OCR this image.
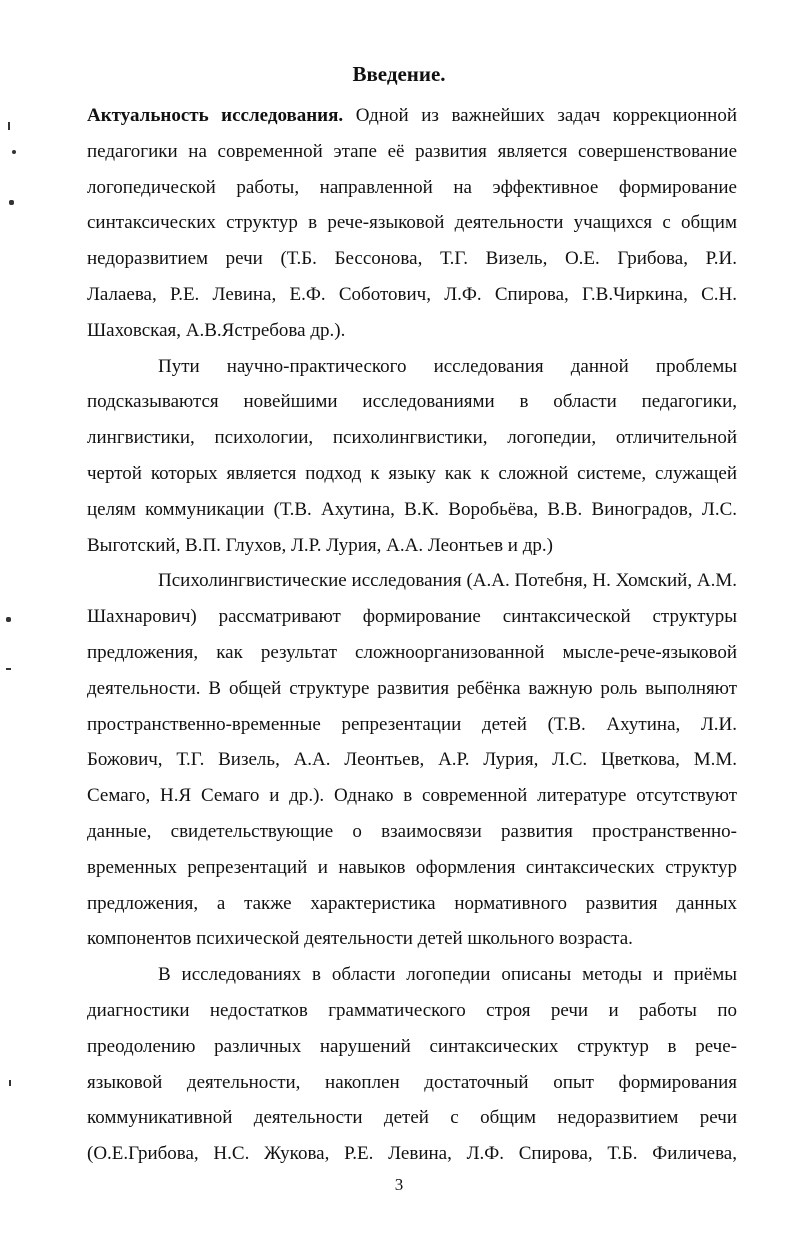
Введение.
Актуальность исследования. Одной из важнейших задач коррекционной
педагогики на современной этапе её развития является совершенствование
логопедической работы, направленной на эффективное формирование
синтаксических структур в рече-языковой деятельности учащихся с общим
недоразвитием речи (Т.Б. Бессонова, Т.Г. Визель, О.Е. Грибова, Р.И.
Лалаева, Р.Е. Левина, Е.Ф. Соботович, Л.Ф. Спирова, Г.В.Чиркина, С.Н.
Шаховская, А.В.Ястребова др.).
Пути научно-практического исследования данной проблемы
подсказываются новейшими исследованиями в области педагогики,
лингвистики, психологии, психолингвистики, логопедии, отличительной
чертой которых является подход к языку как к сложной системе, служащей
целям коммуникации (Т.В. Ахутина, В.К. Воробьёва, В.В. Виноградов, Л.С.
Выготский, В.П. Глухов, Л.Р. Лурия, А.А. Леонтьев и др.)
Психолингвистические исследования (А.А. Потебня, Н. Хомский, А.М.
Шахнарович) рассматривают формирование синтаксической структуры
предложения, как результат сложноорганизованной мысле-рече-языковой
деятельности. В общей структуре развития ребёнка важную роль выполняют
пространственно-временные репрезентации детей (Т.В. Ахутина, Л.И.
Божович, Т.Г. Визель, А.А. Леонтьев, А.Р. Лурия, Л.С. Цветкова, М.М.
Семаго, Н.Я Семаго и др.). Однако в современной литературе отсутствуют
данные, свидетельствующие о взаимосвязи развития пространственно-
временных репрезентаций и навыков оформления синтаксических структур
предложения, а также характеристика нормативного развития данных
компонентов психической деятельности детей школьного возраста.
В исследованиях в области логопедии описаны методы и приёмы
диагностики недостатков грамматического строя речи и работы по
преодолению различных нарушений синтаксических структур в рече-
языковой деятельности, накоплен достаточный опыт формирования
коммуникативной деятельности детей с общим недоразвитием речи
(О.Е.Грибова, Н.С. Жукова, Р.Е. Левина, Л.Ф. Спирова, Т.Б. Филичева,
3
